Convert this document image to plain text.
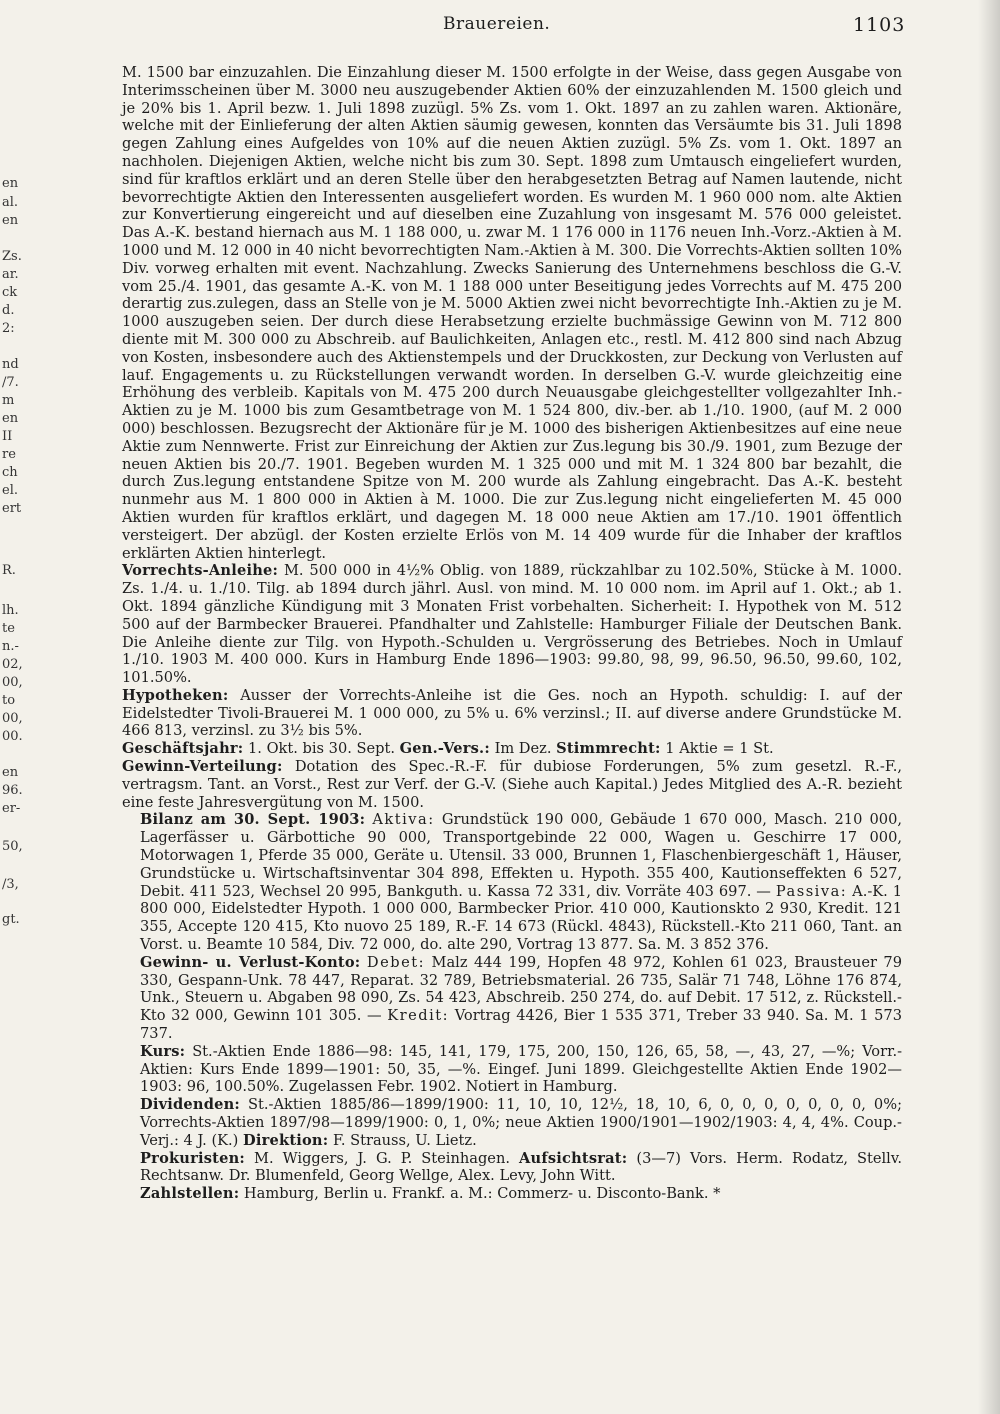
Brauereien.	1103
en
al.
en
Zs.
ar.
ck
d.
2:
nd
/7.
m
en
II
re
ch
el.
ert
R.
lh.
te
n.-
02,
00,
to
00,
00.
en
96.
er-
50,
/3,
gt.

M. 1500 bar einzuzahlen. Die Einzahlung dieser M. 1500 erfolgte in der Weise, dass gegen Ausgabe von Interimsscheinen über M. 3000 neu auszugebender Aktien 60% der einzuzahlenden M. 1500 gleich und je 20% bis 1. April bezw. 1. Juli 1898 zuzügl. 5% Zs. vom 1. Okt. 1897 an zu zahlen waren. Aktionäre, welche mit der Einlieferung der alten Aktien säumig gewesen, konnten das Versäumte bis 31. Juli 1898 gegen Zahlung eines Aufgeldes von 10% auf die neuen Aktien zuzügl. 5% Zs. vom 1. Okt. 1897 an nachholen. Diejenigen Aktien, welche nicht bis zum 30. Sept. 1898 zum Umtausch eingeliefert wurden, sind für kraftlos erklärt und an deren Stelle über den herabgesetzten Betrag auf Namen lautende, nicht bevorrechtigte Aktien den Interessenten ausgeliefert worden. Es wurden M. 1 960 000 nom. alte Aktien zur Konvertierung eingereicht und auf dieselben eine Zuzahlung von insgesamt M. 576 000 geleistet. Das A.-K. bestand hiernach aus M. 1 188 000, u. zwar M. 1 176 000 in 1176 neuen Inh.-Vorz.-Aktien à M. 1000 und M. 12 000 in 40 nicht bevorrechtigten Nam.-Aktien à M. 300. Die Vorrechts-Aktien sollten 10% Div. vorweg erhalten mit event. Nachzahlung. Zwecks Sanierung des Unternehmens beschloss die G.-V. vom 25./4. 1901, das gesamte A.-K. von M. 1 188 000 unter Beseitigung jedes Vorrechts auf M. 475 200 derartig zus.zulegen, dass an Stelle von je M. 5000 Aktien zwei nicht bevorrechtigte Inh.-Aktien zu je M. 1000 auszugeben seien. Der durch diese Herabsetzung erzielte buchmässige Gewinn von M. 712 800 diente mit M. 300 000 zu Abschreib. auf Baulichkeiten, Anlagen etc., restl. M. 412 800 sind nach Abzug von Kosten, insbesondere auch des Aktienstempels und der Druckkosten, zur Deckung von Verlusten auf lauf. Engagements u. zu Rückstellungen verwandt worden. In derselben G.-V. wurde gleichzeitig eine Erhöhung des verbleib. Kapitals von M. 475 200 durch Neuausgabe gleichgestellter vollgezahlter Inh.-Aktien zu je M. 1000 bis zum Gesamtbetrage von M. 1 524 800, div.-ber. ab 1./10. 1900, (auf M. 2 000 000) beschlossen. Bezugsrecht der Aktionäre für je M. 1000 des bisherigen Aktienbesitzes auf eine neue Aktie zum Nennwerte. Frist zur Einreichung der Aktien zur Zus.legung bis 30./9. 1901, zum Bezuge der neuen Aktien bis 20./7. 1901. Begeben wurden M. 1 325 000 und mit M. 1 324 800 bar bezahlt, die durch Zus.legung entstandene Spitze von M. 200 wurde als Zahlung eingebracht. Das A.-K. besteht nunmehr aus M. 1 800 000 in Aktien à M. 1000. Die zur Zus.legung nicht eingelieferten M. 45 000 Aktien wurden für kraftlos erklärt, und dagegen M. 18 000 neue Aktien am 17./10. 1901 öffentlich versteigert. Der abzügl. der Kosten erzielte Erlös von M. 14 409 wurde für die Inhaber der kraftlos erklärten Aktien hinterlegt.

Vorrechts-Anleihe: M. 500 000 in 4½% Oblig. von 1889, rückzahlbar zu 102.50%, Stücke à M. 1000. Zs. 1./4. u. 1./10. Tilg. ab 1894 durch jährl. Ausl. von mind. M. 10 000 nom. im April auf 1. Okt.; ab 1. Okt. 1894 gänzliche Kündigung mit 3 Monaten Frist vorbehalten. Sicherheit: I. Hypothek von M. 512 500 auf der Barmbecker Brauerei. Pfandhalter und Zahlstelle: Hamburger Filiale der Deutschen Bank. Die Anleihe diente zur Tilg. von Hypoth.-Schulden u. Vergrösserung des Betriebes. Noch in Umlauf 1./10. 1903 M. 400 000. Kurs in Hamburg Ende 1896—1903: 99.80, 98, 99, 96.50, 96.50, 99.60, 102, 101.50%.

Hypotheken: Ausser der Vorrechts-Anleihe ist die Ges. noch an Hypoth. schuldig: I. auf der Eidelstedter Tivoli-Brauerei M. 1 000 000, zu 5% u. 6% verzinsl.; II. auf diverse andere Grundstücke M. 466 813, verzinsl. zu 3½ bis 5%.

Geschäftsjahr: 1. Okt. bis 30. Sept. Gen.-Vers.: Im Dez. Stimmrecht: 1 Aktie = 1 St.

Gewinn-Verteilung: Dotation des Spec.-R.-F. für dubiose Forderungen, 5% zum gesetzl. R.-F., vertragsm. Tant. an Vorst., Rest zur Verf. der G.-V. (Siehe auch Kapital.) Jedes Mitglied des A.-R. bezieht eine feste Jahresvergütung von M. 1500.

Bilanz am 30. Sept. 1903: Aktiva: Grundstück 190 000, Gebäude 1 670 000, Masch. 210 000, Lagerfässer u. Gärbottiche 90 000, Transportgebinde 22 000, Wagen u. Geschirre 17 000, Motorwagen 1, Pferde 35 000, Geräte u. Utensil. 33 000, Brunnen 1, Flaschenbiergeschäft 1, Häuser, Grundstücke u. Wirtschaftsinventar 304 898, Effekten u. Hypoth. 355 400, Kautionseffekten 6 527, Debit. 411 523, Wechsel 20 995, Bankguth. u. Kassa 72 331, div. Vorräte 403 697. — Passiva: A.-K. 1 800 000, Eidelstedter Hypoth. 1 000 000, Barmbecker Prior. 410 000, Kautionskto 2 930, Kredit. 121 355, Accepte 120 415, Kto nuovo 25 189, R.-F. 14 673 (Rückl. 4843), Rückstell.-Kto 211 060, Tant. an Vorst. u. Beamte 10 584, Div. 72 000, do. alte 290, Vortrag 13 877. Sa. M. 3 852 376.

Gewinn- u. Verlust-Konto: Debet: Malz 444 199, Hopfen 48 972, Kohlen 61 023, Brausteuer 79 330, Gespann-Unk. 78 447, Reparat. 32 789, Betriebsmaterial. 26 735, Salär 71 748, Löhne 176 874, Unk., Steuern u. Abgaben 98 090, Zs. 54 423, Abschreib. 250 274, do. auf Debit. 17 512, z. Rückstell.-Kto 32 000, Gewinn 101 305. — Kredit: Vortrag 4426, Bier 1 535 371, Treber 33 940. Sa. M. 1 573 737.

Kurs: St.-Aktien Ende 1886—98: 145, 141, 179, 175, 200, 150, 126, 65, 58, —, 43, 27, —%; Vorr.-Aktien: Kurs Ende 1899—1901: 50, 35, —%. Eingef. Juni 1899. Gleichgestellte Aktien Ende 1902—1903: 96, 100.50%. Zugelassen Febr. 1902. Notiert in Hamburg.

Dividenden: St.-Aktien 1885/86—1899/1900: 11, 10, 10, 12½, 18, 10, 6, 0, 0, 0, 0, 0, 0, 0, 0%; Vorrechts-Aktien 1897/98—1899/1900: 0, 1, 0%; neue Aktien 1900/1901—1902/1903: 4, 4, 4%. Coup.-Verj.: 4 J. (K.) Direktion: F. Strauss, U. Lietz.

Prokuristen: M. Wiggers, J. G. P. Steinhagen. Aufsichtsrat: (3—7) Vors. Herm. Rodatz, Stellv. Rechtsanw. Dr. Blumenfeld, Georg Wellge, Alex. Levy, John Witt.

Zahlstellen: Hamburg, Berlin u. Frankf. a. M.: Commerz- u. Disconto-Bank. *
